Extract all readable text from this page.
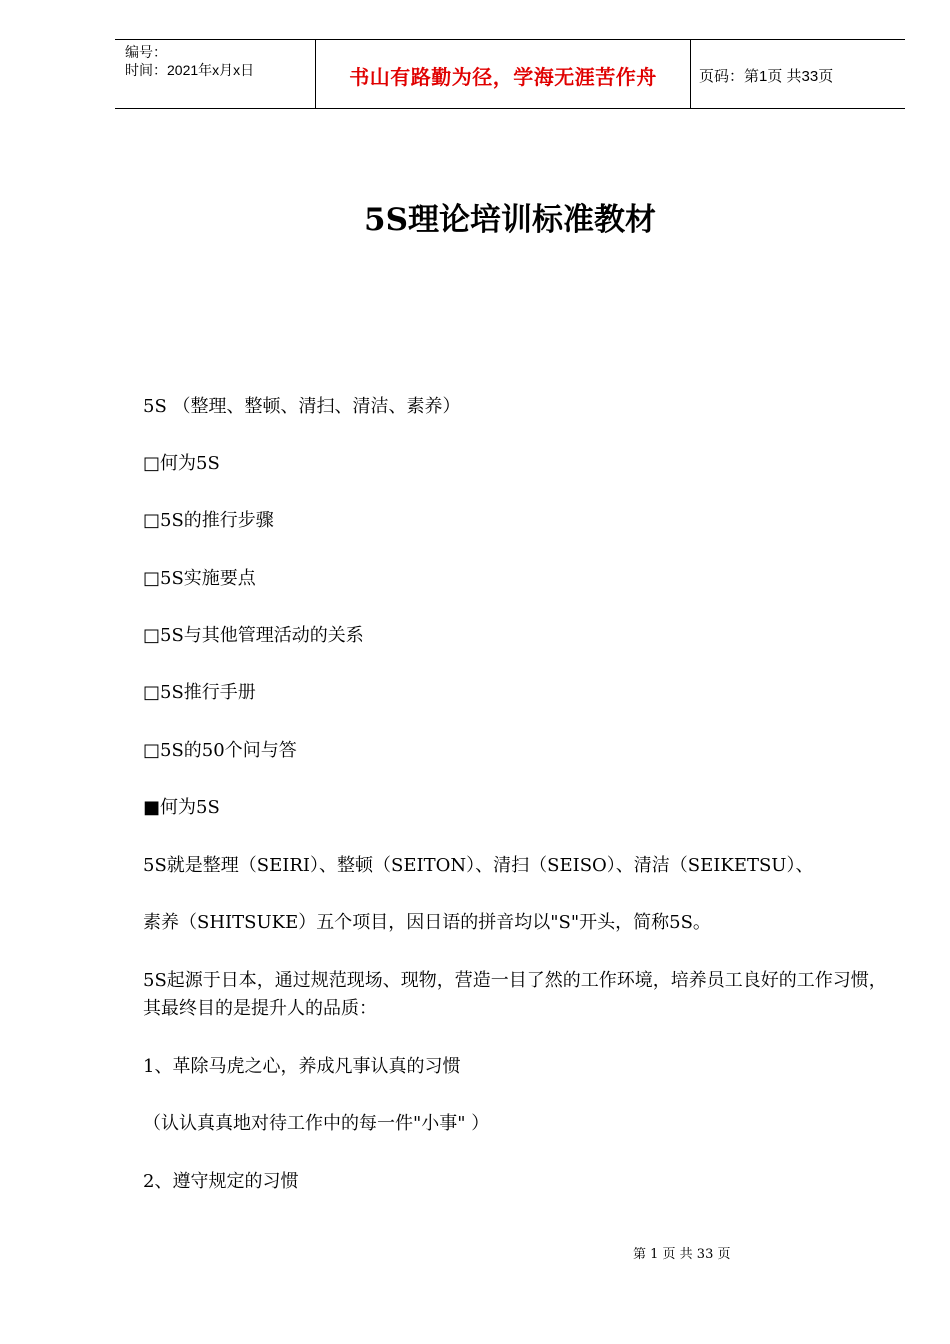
编号：
时间：2021年x月x日	书山有路勤为径，学海无涯苦作舟	页码：第1页 共33页
5S理论培训标准教材
5S （整理、整顿、清扫、清洁、素养）
□何为5S
□5S的推行步骤
□5S实施要点
□5S与其他管理活动的关系
□5S推行手册
□5S的50个问与答
■何为5S
5S就是整理（SEIRI）、整顿（SEITON）、清扫（SEISO）、清洁（SEIKETSU）、
素养（SHITSUKE）五个项目，因日语的拼音均以"S"开头，简称5S。
5S起源于日本，通过规范现场、现物，营造一目了然的工作环境，培养员工良好的工作习惯，其最终目的是提升人的品质：
1、革除马虎之心，养成凡事认真的习惯
（认认真真地对待工作中的每一件"小事" ）
2、遵守规定的习惯
第 1 页 共 33 页
